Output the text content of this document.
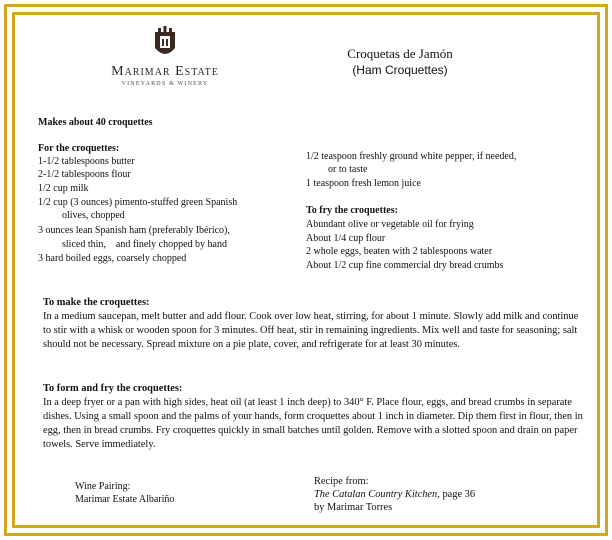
Marimar Estate
VINEYARDS & WINERY
Croquetas de Jamón
(Ham Croquettes)
Makes about 40 croquettes
For the croquettes:
1-1/2 tablespoons butter
2-1/2 tablespoons flour
1/2 cup milk
1/2 cup (3 ounces) pimento-stuffed green Spanish
olives, chopped
3 ounces lean Spanish ham (preferably Ibérico),
sliced thin,    and finely chopped by hand
3 hard boiled eggs, coarsely chopped
1/2 teaspoon freshly ground white pepper, if needed,
or to taste
1 teaspoon fresh lemon juice
To fry the croquettes:
Abundant olive or vegetable oil for frying
About 1/4 cup flour
2 whole eggs, beaten with 2 tablespoons water
About 1/2 cup fine commercial dry bread crumbs

To make the croquettes:

In a medium saucepan, melt butter and add flour. Cook over low heat, stirring, for about 1 minute. Slowly add milk and continue to stir with a whisk or wooden spoon for 3 minutes. Off heat, stir in remaining ingredients. Mix well and taste for seasoning; salt should not be necessary. Spread mixture on a pie plate, cover, and refrigerate for at least 30 minutes.

To form and fry the croquettes:

In a deep fryer or a pan with high sides, heat oil (at least 1 inch deep) to 340° F. Place flour, eggs, and bread crumbs in separate dishes. Using a small spoon and the palms of your hands, form croquettes about 1 inch in diameter. Dip them first in flour, then in egg, then in bread crumbs. Fry croquettes quickly in small batches until golden. Remove with a slotted spoon and drain on paper towels. Serve immediately.

Wine Pairing:
Marimar Estate Albariño
Recipe from:
The Catalan Country Kitchen, page 36
by Marimar Torres
